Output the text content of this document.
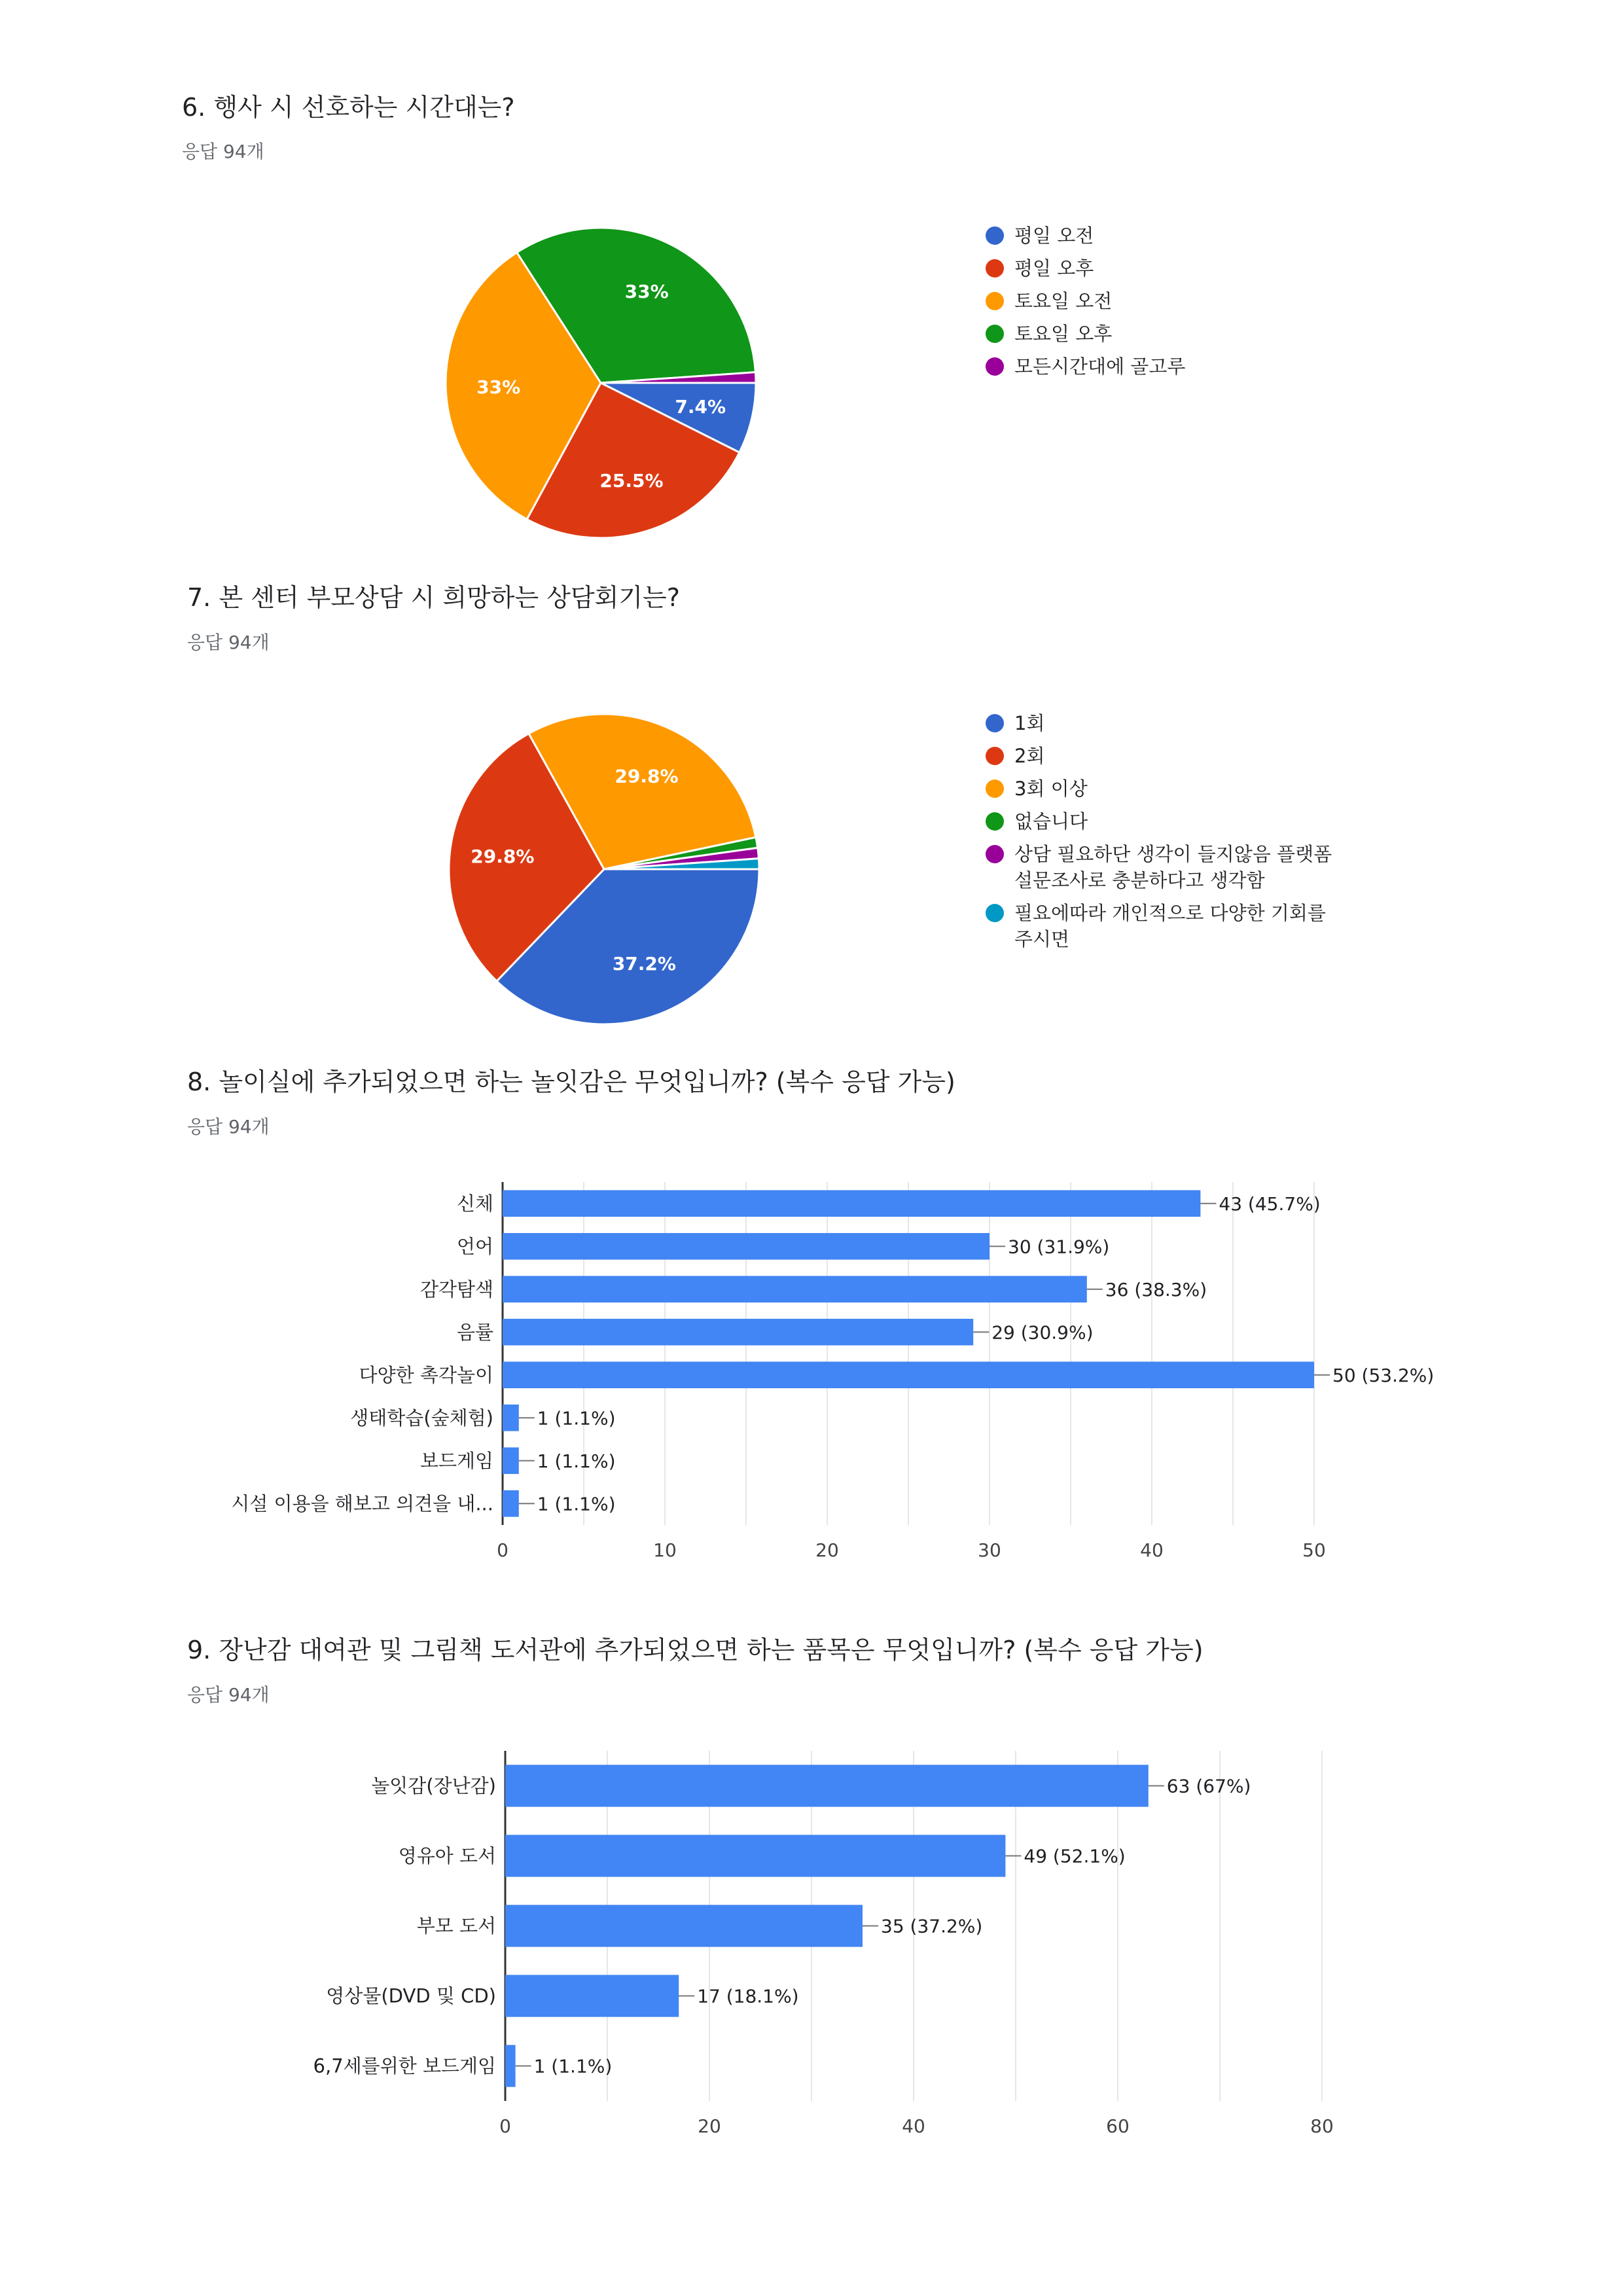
6. 행사 시 선호하는 시간대는?
응답 94개
7.4%
25.5%
33%
33%
평일 오전
평일 오후
토요일 오전
토요일 오후
모든시간대에 골고루
7. 본 센터 부모상담 시 희망하는 상담회기는?
응답 94개
37.2%
29.8%
29.8%
1회
2회
3회 이상
없습니다
상담 필요하단 생각이 들지않음 플랫폼
설문조사로 충분하다고 생각함
필요에따라 개인적으로 다양한 기회를
주시면
8. 놀이실에 추가되었으면 하는 놀잇감은 무엇입니까? (복수 응답 가능)
응답 94개
0	10	20	30	40	50
신체	43 (45.7%)
언어	30 (31.9%)
감각탐색	36 (38.3%)
음률	29 (30.9%)
다양한 촉각놀이	50 (53.2%)
생태학습(숲체험) 1 (1.1%)
보드게임 1 (1.1%)
시설 이용을 해보고 의견을 내... 1 (1.1%)
9. 장난감 대여관 및 그림책 도서관에 추가되었으면 하는 품목은 무엇입니까? (복수 응답 가능)
응답 94개
0	20	40	60	80
놀잇감(장난감)	63 (67%)
영유아 도서	49 (52.1%)
부모 도서	35 (37.2%)
영상물(DVD 및 CD)	17 (18.1%)
6,7세를위한 보드게임 1 (1.1%)
